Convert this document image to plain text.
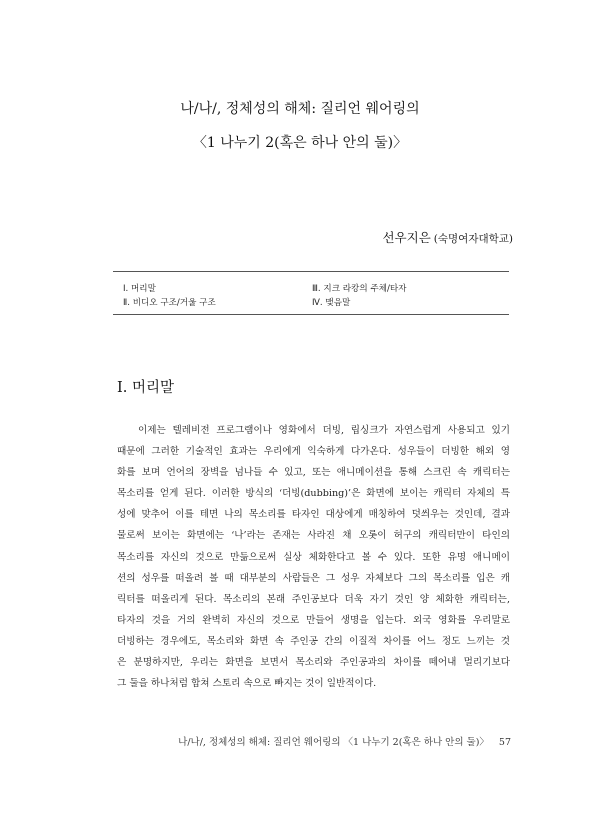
나/나/, 정체성의 해체: 질리언 웨어링의
〈1 나누기 2(혹은 하나 안의 둘)〉
선우지은 (숙명여자대학교)
Ⅰ. 머리말	Ⅲ. 지크 라캉의 주체/타자
Ⅱ. 비디오 구조/거울 구조	Ⅳ. 맺음말
Ⅰ. 머리말
이제는 텔레비전 프로그램이나 영화에서 더빙, 립싱크가 자연스럽게 사용되고 있기
때문에 그러한 기술적인 효과는 우리에게 익숙하게 다가온다. 성우들이 더빙한 해외 영
화를 보며 언어의 장벽을 넘나들 수 있고, 또는 애니메이션을 통해 스크린 속 캐릭터는
목소리를 얻게 된다. 이러한 방식의 ‘더빙(dubbing)’은 화면에 보이는 캐릭터 자체의 특
성에 맞추어 이를 테면 나의 목소리를 타자인 대상에게 매칭하여 덧씌우는 것인데, 결과
물로써 보이는 화면에는 ‘나’라는 존재는 사라진 채 오롯이 허구의 캐릭터만이 타인의
목소리를 자신의 것으로 만듦으로써 실상 체화한다고 볼 수 있다. 또한 유명 애니메이
션의 성우를 떠올려 볼 때 대부분의 사람들은 그 성우 자체보다 그의 목소리를 입은 캐
릭터를 떠올리게 된다. 목소리의 본래 주인공보다 더욱 자기 것인 양 체화한 캐릭터는,
타자의 것을 거의 완벽히 자신의 것으로 만들어 생명을 입는다. 외국 영화를 우리말로
더빙하는 경우에도, 목소리와 화면 속 주인공 간의 이질적 차이를 어느 정도 느끼는 것
은 분명하지만, 우리는 화면을 보면서 목소리와 주인공과의 차이를 떼어내 멀리기보다
그 둘을 하나처럼 합쳐 스토리 속으로 빠지는 것이 일반적이다.
나/나/, 정체성의 해체: 질리언 웨어링의 〈1 나누기 2(혹은 하나 안의 둘)〉 57
